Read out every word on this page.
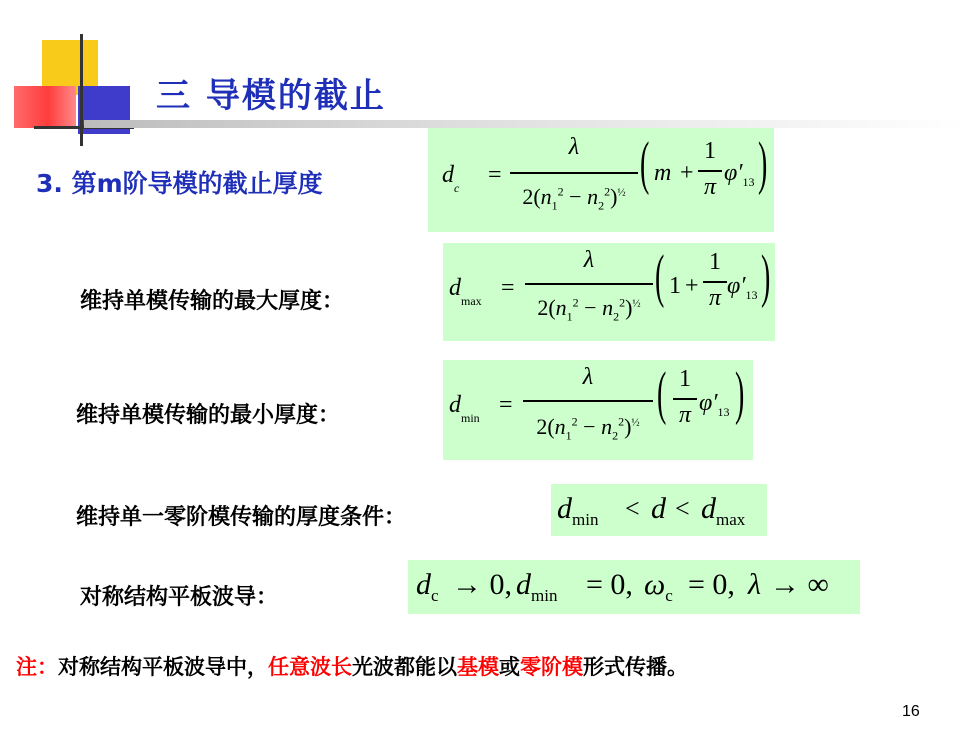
三 导模的截止
3. 第m阶导模的截止厚度	$d_c$ =
λ
$2(n_1^2 - n_2^2)^{\frac{1}{2}}$ ( m +
1
π
$\varphi'_{13}$ )
维持单模传输的最大厚度：
$d_{max}$ =
λ
$2(n_1^2 - n_2^2)^{\frac{1}{2}}$ ( 1 +
1
π $\varphi'_{13}$ )
维持单模传输的最小厚度：	$d_{min}$ =
λ
$2(n_1^2 - n_2^2)^{\frac{1}{2}}$ ( 1
π $\varphi'_{13}$ )
维持单一零阶模传输的厚度条件：	$d_{min} < d < d_{max}$
对称结构平板波导：	$d_c \to 0$, $d_{min} = 0$, $\omega_c = 0$, λ → ∞
注：对称结构平板波导中，任意波长光波都能以基模或零阶模形式传播。
16
